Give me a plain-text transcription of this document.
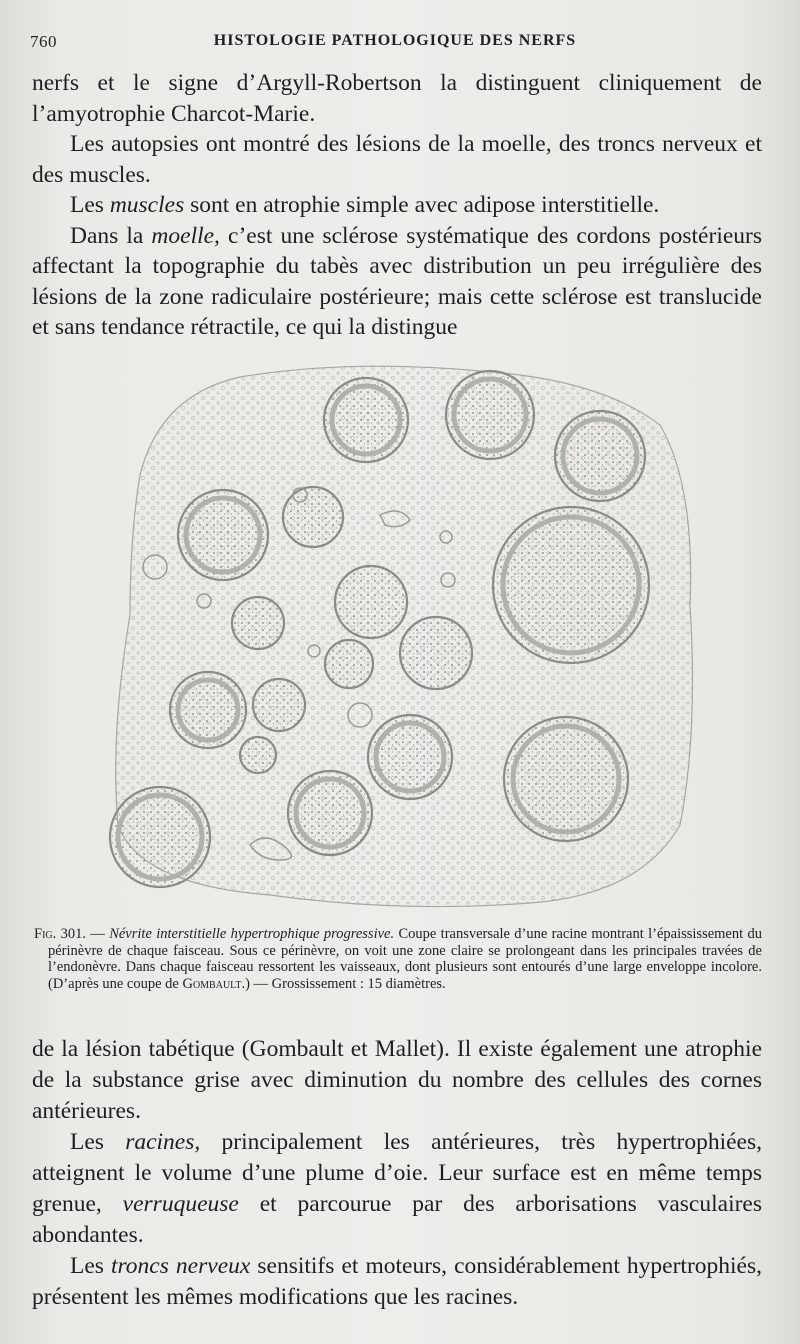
760	HISTOLOGIE PATHOLOGIQUE DES NERFS

nerfs et le signe d’Argyll-Robertson la distinguent cliniquement de l’amyotrophie Charcot-Marie.

Les autopsies ont montré des lésions de la moelle, des troncs nerveux et des muscles.

Les muscles sont en atrophie simple avec adipose interstitielle.

Dans la moelle, c’est une sclérose systématique des cordons postérieurs affectant la topographie du tabès avec distribution un peu irrégulière des lésions de la zone radiculaire postérieure; mais cette sclérose est translucide et sans tendance rétractile, ce qui la distingue

Fig. 301. — Névrite interstitielle hypertrophique progressive. Coupe transversale d’une racine montrant l’épaississement du périnèvre de chaque faisceau. Sous ce périnèvre, on voit une zone claire se prolongeant dans les principales travées de l’endonèvre. Dans chaque faisceau ressortent les vaisseaux, dont plusieurs sont entourés d’une large enveloppe incolore. (D’après une coupe de Gombault.) — Grossissement : 15 diamètres.

de la lésion tabétique (Gombault et Mallet). Il existe également une atrophie de la substance grise avec diminution du nombre des cellules des cornes antérieures.

Les racines, principalement les antérieures, très hypertrophiées, atteignent le volume d’une plume d’oie. Leur surface est en même temps grenue, verruqueuse et parcourue par des arborisations vasculaires abondantes.

Les troncs nerveux sensitifs et moteurs, considérablement hypertrophiés, présentent les mêmes modifications que les racines.
